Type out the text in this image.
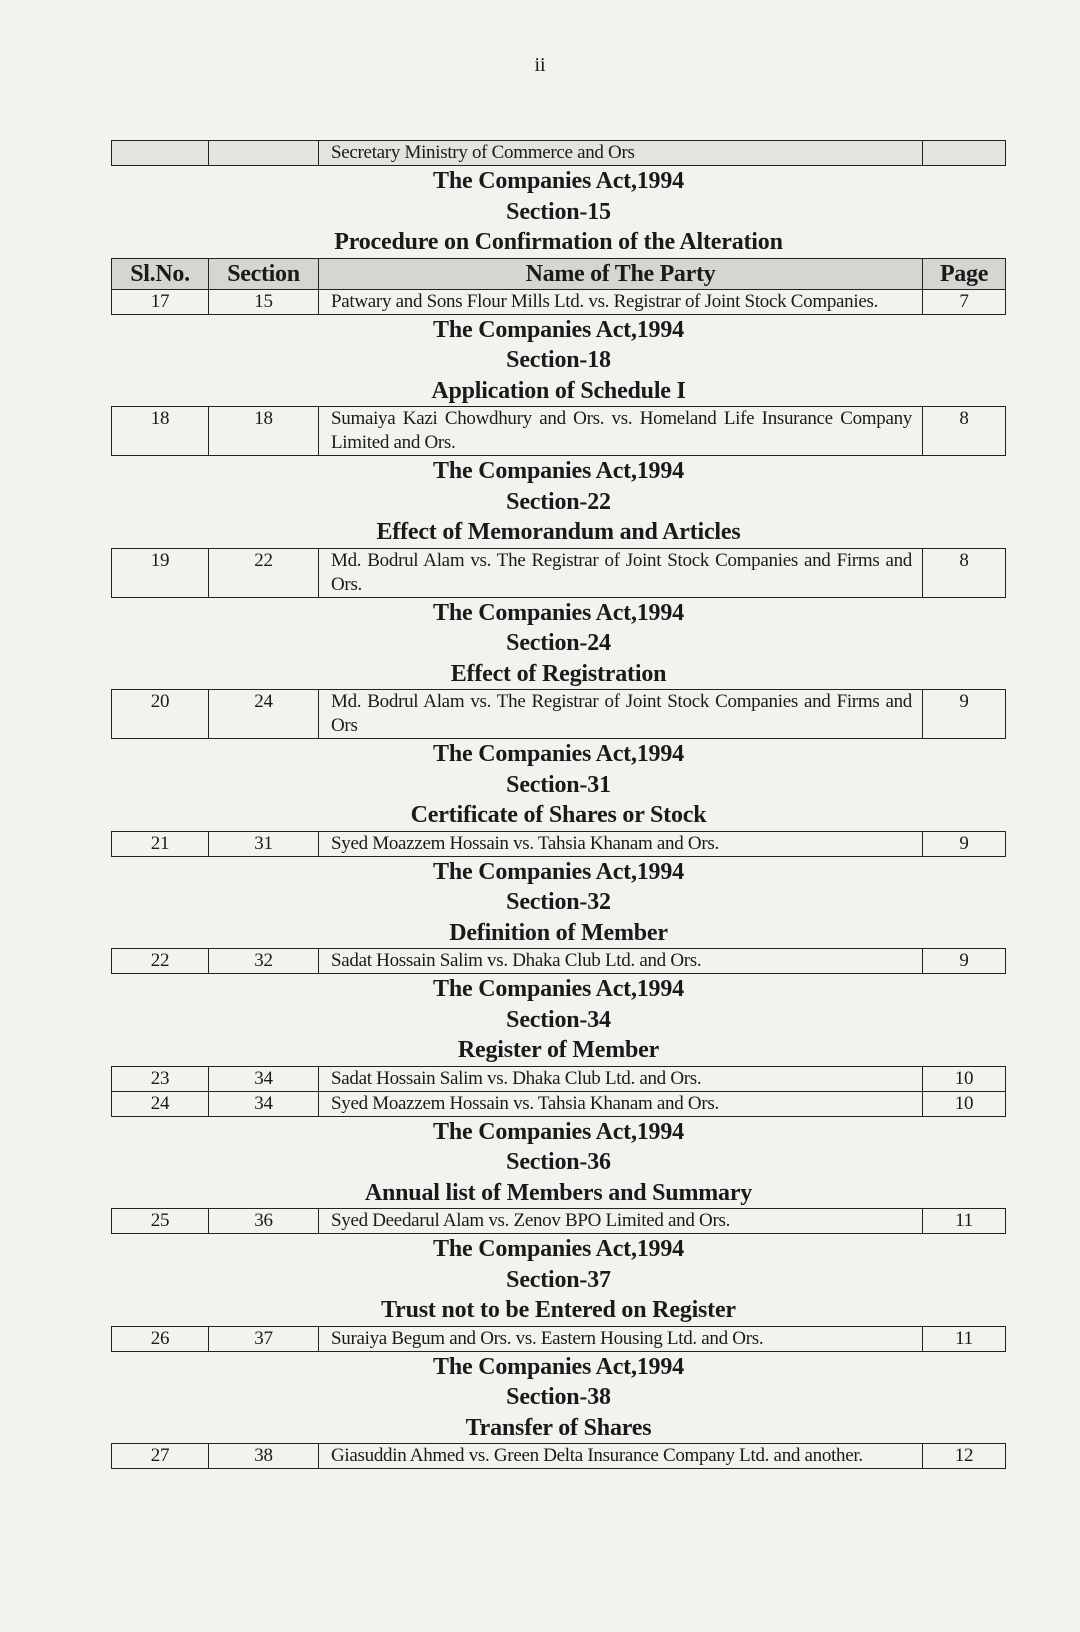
ii
		Secretary Ministry of Commerce and Ors	
The Companies Act,1994
Section-15
Procedure on Confirmation of the Alteration
Sl.No.	Section	Name of The Party	Page
17	15	Patwary and Sons Flour Mills Ltd. vs. Registrar of Joint Stock Companies.	7
The Companies Act,1994
Section-18
Application of Schedule I
18	18	Sumaiya Kazi Chowdhury and Ors. vs. Homeland Life Insurance Company Limited and Ors.	8
The Companies Act,1994
Section-22
Effect of Memorandum and Articles
19	22	Md. Bodrul Alam vs. The Registrar of Joint Stock Companies and Firms and Ors.	8
The Companies Act,1994
Section-24
Effect of Registration
20	24	Md. Bodrul Alam vs. The Registrar of Joint Stock Companies and Firms and Ors	9
The Companies Act,1994
Section-31
Certificate of Shares or Stock
21	31	Syed Moazzem Hossain vs. Tahsia Khanam and Ors.	9
The Companies Act,1994
Section-32
Definition of Member
22	32	Sadat Hossain Salim vs. Dhaka Club Ltd. and Ors.	9
The Companies Act,1994
Section-34
Register of Member
23	34	Sadat Hossain Salim vs. Dhaka Club Ltd. and Ors.	10
24	34	Syed Moazzem Hossain vs. Tahsia Khanam and Ors.	10
The Companies Act,1994
Section-36
Annual list of Members and Summary
25	36	Syed Deedarul Alam vs. Zenov BPO Limited and Ors.	11
The Companies Act,1994
Section-37
Trust not to be Entered on Register
26	37	Suraiya Begum and Ors. vs. Eastern Housing Ltd. and Ors.	11
The Companies Act,1994
Section-38
Transfer of Shares
27	38	Giasuddin Ahmed vs. Green Delta Insurance Company Ltd. and another.	12
